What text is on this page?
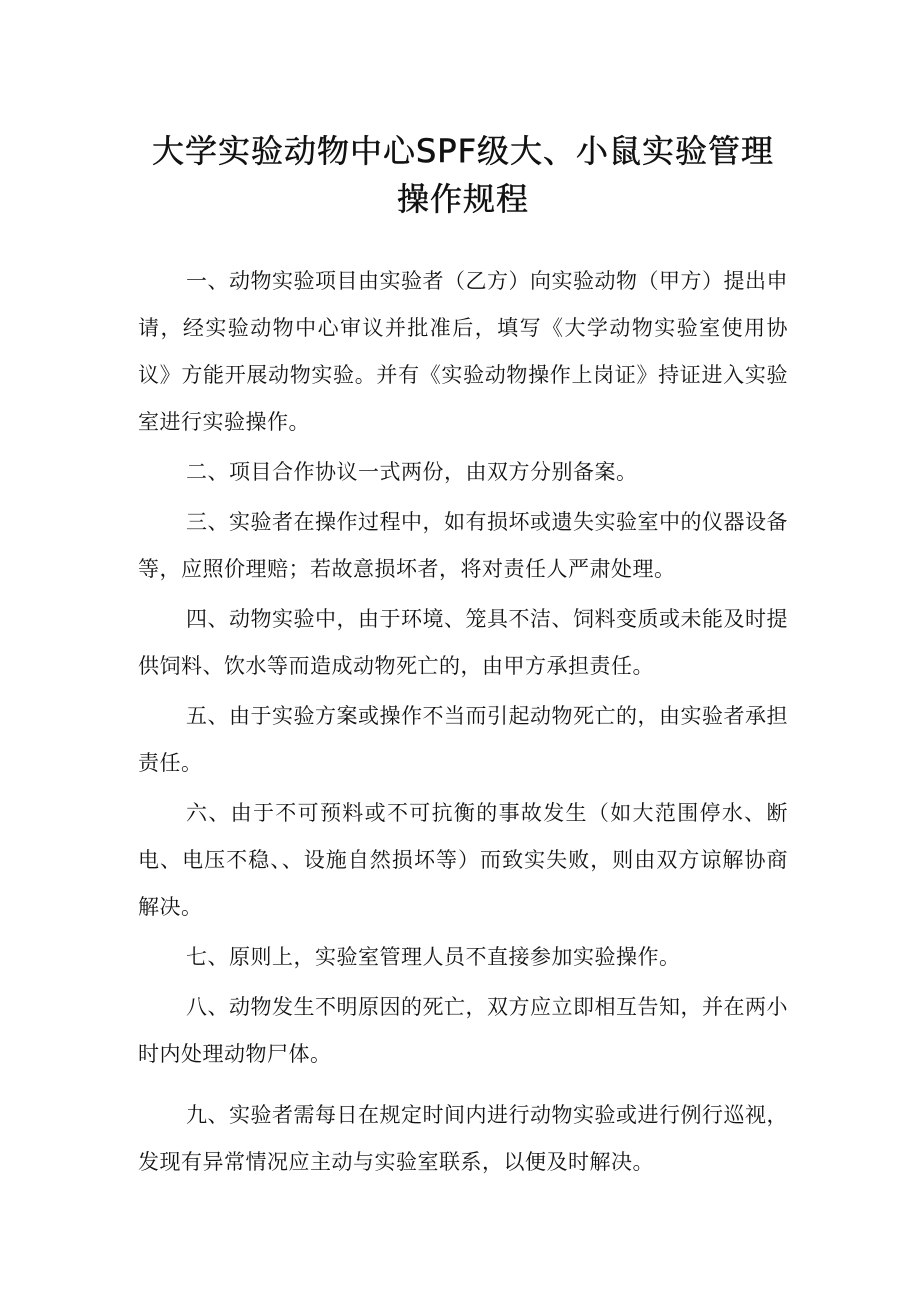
大学实验动物中心SPF级大、小鼠实验管理
操作规程

一、动物实验项目由实验者（乙方）向实验动物（甲方）提出申请，经实验动物中心审议并批准后，填写《大学动物实验室使用协议》方能开展动物实验。并有《实验动物操作上岗证》持证进入实验室进行实验操作。

二、项目合作协议一式两份，由双方分别备案。

三、实验者在操作过程中，如有损坏或遗失实验室中的仪器设备等，应照价理赔；若故意损坏者，将对责任人严肃处理。

四、动物实验中，由于环境、笼具不洁、饲料变质或未能及时提供饲料、饮水等而造成动物死亡的，由甲方承担责任。

五、由于实验方案或操作不当而引起动物死亡的，由实验者承担责任。

六、由于不可预料或不可抗衡的事故发生（如大范围停水、断电、电压不稳、、设施自然损坏等）而致实失败，则由双方谅解协商解决。

七、原则上，实验室管理人员不直接参加实验操作。

八、动物发生不明原因的死亡，双方应立即相互告知，并在两小时内处理动物尸体。

九、实验者需每日在规定时间内进行动物实验或进行例行巡视，发现有异常情况应主动与实验室联系，以便及时解决。
